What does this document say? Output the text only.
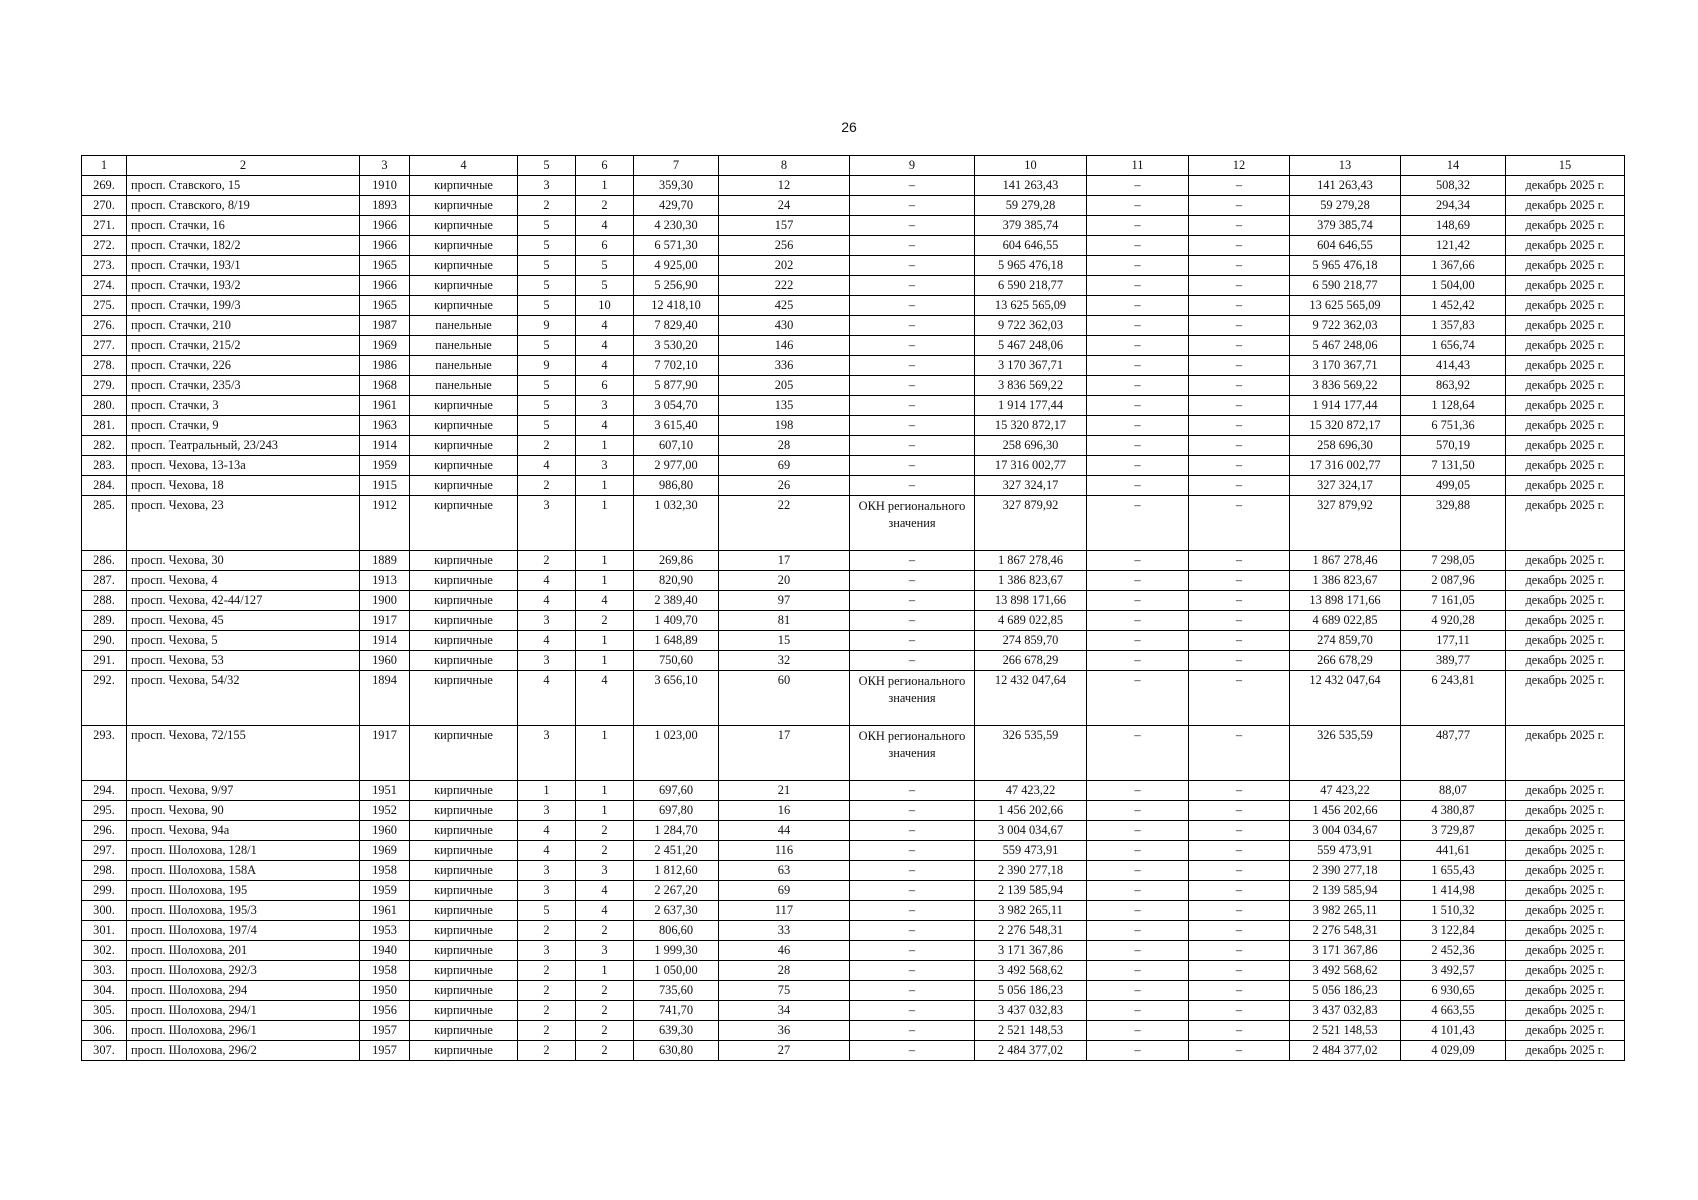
26
1	2	3	4	5	6	7	8	9	10	11	12	13	14	15
269.	просп. Ставского, 15	1910	кирпичные	3	1	359,30	12	–	141 263,43	–	–	141 263,43	508,32	декабрь 2025 г.
270.	просп. Ставского, 8/19	1893	кирпичные	2	2	429,70	24	–	59 279,28	–	–	59 279,28	294,34	декабрь 2025 г.
271.	просп. Стачки, 16	1966	кирпичные	5	4	4 230,30	157	–	379 385,74	–	–	379 385,74	148,69	декабрь 2025 г.
272.	просп. Стачки, 182/2	1966	кирпичные	5	6	6 571,30	256	–	604 646,55	–	–	604 646,55	121,42	декабрь 2025 г.
273.	просп. Стачки, 193/1	1965	кирпичные	5	5	4 925,00	202	–	5 965 476,18	–	–	5 965 476,18	1 367,66	декабрь 2025 г.
274.	просп. Стачки, 193/2	1966	кирпичные	5	5	5 256,90	222	–	6 590 218,77	–	–	6 590 218,77	1 504,00	декабрь 2025 г.
275.	просп. Стачки, 199/3	1965	кирпичные	5	10	12 418,10	425	–	13 625 565,09	–	–	13 625 565,09	1 452,42	декабрь 2025 г.
276.	просп. Стачки, 210	1987	панельные	9	4	7 829,40	430	–	9 722 362,03	–	–	9 722 362,03	1 357,83	декабрь 2025 г.
277.	просп. Стачки, 215/2	1969	панельные	5	4	3 530,20	146	–	5 467 248,06	–	–	5 467 248,06	1 656,74	декабрь 2025 г.
278.	просп. Стачки, 226	1986	панельные	9	4	7 702,10	336	–	3 170 367,71	–	–	3 170 367,71	414,43	декабрь 2025 г.
279.	просп. Стачки, 235/3	1968	панельные	5	6	5 877,90	205	–	3 836 569,22	–	–	3 836 569,22	863,92	декабрь 2025 г.
280.	просп. Стачки, 3	1961	кирпичные	5	3	3 054,70	135	–	1 914 177,44	–	–	1 914 177,44	1 128,64	декабрь 2025 г.
281.	просп. Стачки, 9	1963	кирпичные	5	4	3 615,40	198	–	15 320 872,17	–	–	15 320 872,17	6 751,36	декабрь 2025 г.
282.	просп. Театральный, 23/243	1914	кирпичные	2	1	607,10	28	–	258 696,30	–	–	258 696,30	570,19	декабрь 2025 г.
283.	просп. Чехова, 13-13а	1959	кирпичные	4	3	2 977,00	69	–	17 316 002,77	–	–	17 316 002,77	7 131,50	декабрь 2025 г.
284.	просп. Чехова, 18	1915	кирпичные	2	1	986,80	26	–	327 324,17	–	–	327 324,17	499,05	декабрь 2025 г.
285.	просп. Чехова, 23	1912	кирпичные	3	1	1 032,30	22	ОКН регионального значения	327 879,92	–	–	327 879,92	329,88	декабрь 2025 г.
286.	просп. Чехова, 30	1889	кирпичные	2	1	269,86	17	–	1 867 278,46	–	–	1 867 278,46	7 298,05	декабрь 2025 г.
287.	просп. Чехова, 4	1913	кирпичные	4	1	820,90	20	–	1 386 823,67	–	–	1 386 823,67	2 087,96	декабрь 2025 г.
288.	просп. Чехова, 42-44/127	1900	кирпичные	4	4	2 389,40	97	–	13 898 171,66	–	–	13 898 171,66	7 161,05	декабрь 2025 г.
289.	просп. Чехова, 45	1917	кирпичные	3	2	1 409,70	81	–	4 689 022,85	–	–	4 689 022,85	4 920,28	декабрь 2025 г.
290.	просп. Чехова, 5	1914	кирпичные	4	1	1 648,89	15	–	274 859,70	–	–	274 859,70	177,11	декабрь 2025 г.
291.	просп. Чехова, 53	1960	кирпичные	3	1	750,60	32	–	266 678,29	–	–	266 678,29	389,77	декабрь 2025 г.
292.	просп. Чехова, 54/32	1894	кирпичные	4	4	3 656,10	60	ОКН регионального значения	12 432 047,64	–	–	12 432 047,64	6 243,81	декабрь 2025 г.
293.	просп. Чехова, 72/155	1917	кирпичные	3	1	1 023,00	17	ОКН регионального значения	326 535,59	–	–	326 535,59	487,77	декабрь 2025 г.
294.	просп. Чехова, 9/97	1951	кирпичные	1	1	697,60	21	–	47 423,22	–	–	47 423,22	88,07	декабрь 2025 г.
295.	просп. Чехова, 90	1952	кирпичные	3	1	697,80	16	–	1 456 202,66	–	–	1 456 202,66	4 380,87	декабрь 2025 г.
296.	просп. Чехова, 94а	1960	кирпичные	4	2	1 284,70	44	–	3 004 034,67	–	–	3 004 034,67	3 729,87	декабрь 2025 г.
297.	просп. Шолохова, 128/1	1969	кирпичные	4	2	2 451,20	116	–	559 473,91	–	–	559 473,91	441,61	декабрь 2025 г.
298.	просп. Шолохова, 158А	1958	кирпичные	3	3	1 812,60	63	–	2 390 277,18	–	–	2 390 277,18	1 655,43	декабрь 2025 г.
299.	просп. Шолохова, 195	1959	кирпичные	3	4	2 267,20	69	–	2 139 585,94	–	–	2 139 585,94	1 414,98	декабрь 2025 г.
300.	просп. Шолохова, 195/3	1961	кирпичные	5	4	2 637,30	117	–	3 982 265,11	–	–	3 982 265,11	1 510,32	декабрь 2025 г.
301.	просп. Шолохова, 197/4	1953	кирпичные	2	2	806,60	33	–	2 276 548,31	–	–	2 276 548,31	3 122,84	декабрь 2025 г.
302.	просп. Шолохова, 201	1940	кирпичные	3	3	1 999,30	46	–	3 171 367,86	–	–	3 171 367,86	2 452,36	декабрь 2025 г.
303.	просп. Шолохова, 292/3	1958	кирпичные	2	1	1 050,00	28	–	3 492 568,62	–	–	3 492 568,62	3 492,57	декабрь 2025 г.
304.	просп. Шолохова, 294	1950	кирпичные	2	2	735,60	75	–	5 056 186,23	–	–	5 056 186,23	6 930,65	декабрь 2025 г.
305.	просп. Шолохова, 294/1	1956	кирпичные	2	2	741,70	34	–	3 437 032,83	–	–	3 437 032,83	4 663,55	декабрь 2025 г.
306.	просп. Шолохова, 296/1	1957	кирпичные	2	2	639,30	36	–	2 521 148,53	–	–	2 521 148,53	4 101,43	декабрь 2025 г.
307.	просп. Шолохова, 296/2	1957	кирпичные	2	2	630,80	27	–	2 484 377,02	–	–	2 484 377,02	4 029,09	декабрь 2025 г.
